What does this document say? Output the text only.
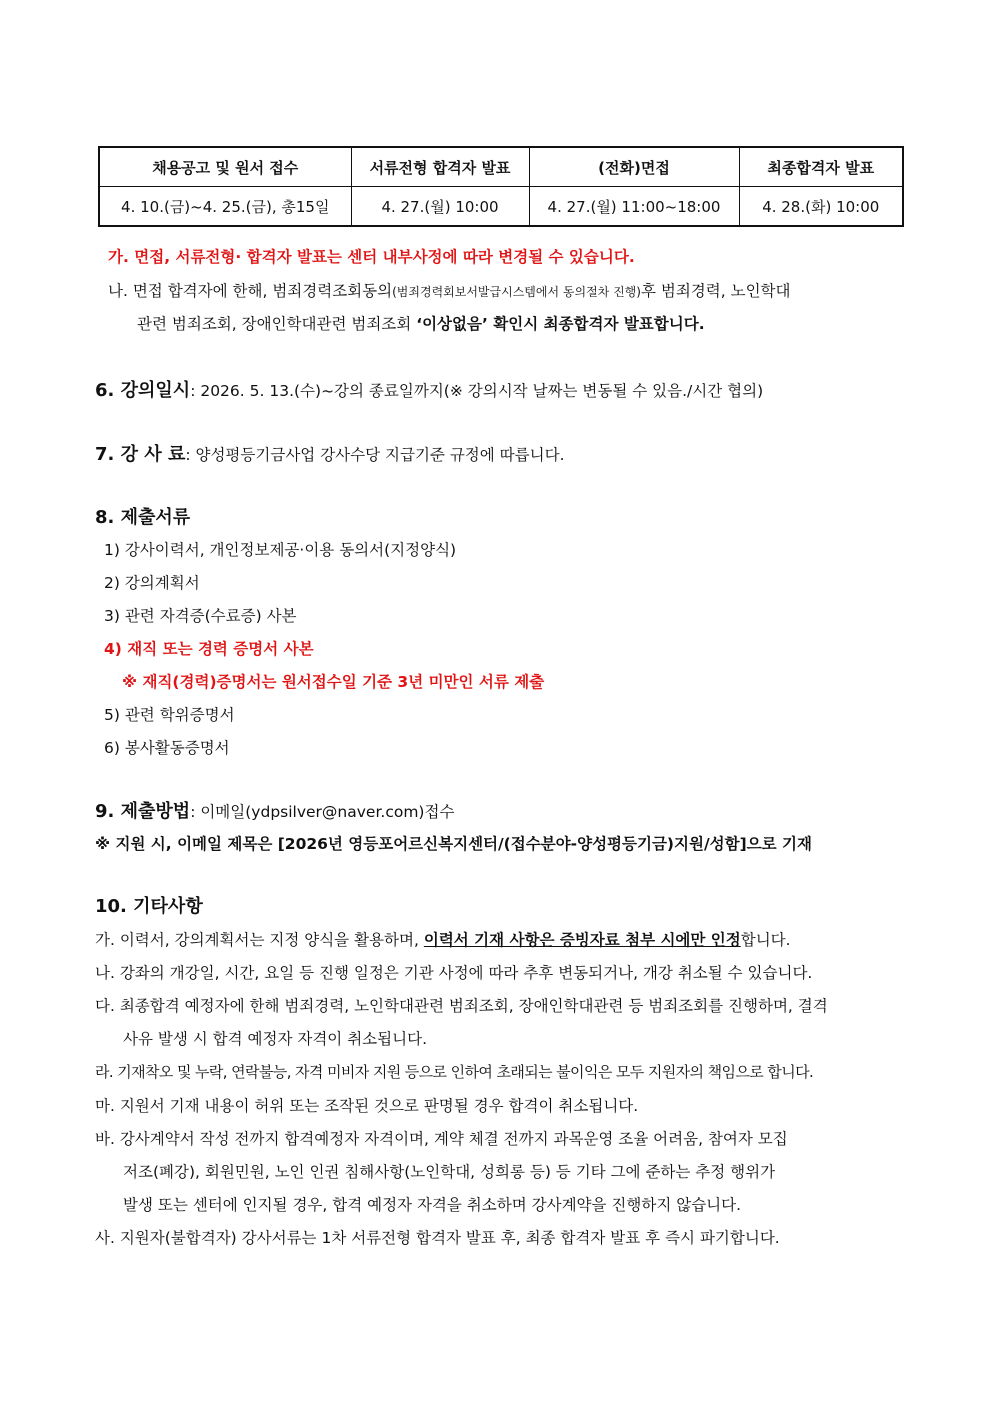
채용공고 및 원서 접수	서류전형 합격자 발표	(전화)면접	최종합격자 발표
4. 10.(금)~4. 25.(금), 총15일	4. 27.(월) 10:00	4. 27.(월) 11:00~18:00	4. 28.(화) 10:00
가. 면접, 서류전형· 합격자 발표는 센터 내부사정에 따라 변경될 수 있습니다.
나. 면접 합격자에 한해, 범죄경력조회동의(범죄경력회보서발급시스템에서 동의절차 진행)후 범죄경력, 노인학대
관련 범죄조회, 장애인학대관련 범죄조회 ‘이상없음’ 확인시 최종합격자 발표합니다.
6. 강의일시: 2026. 5. 13.(수)~강의 종료일까지(※ 강의시작 날짜는 변동될 수 있음./시간 협의)
7. 강 사 료: 양성평등기금사업 강사수당 지급기준 규정에 따릅니다.
8. 제출서류
1) 강사이력서, 개인정보제공·이용 동의서(지정양식)
2) 강의계획서
3) 관련 자격증(수료증) 사본
4) 재직 또는 경력 증명서 사본
※ 재직(경력)증명서는 원서접수일 기준 3년 미만인 서류 제출
5) 관련 학위증명서
6) 봉사활동증명서
9. 제출방법: 이메일(ydpsilver@naver.com)접수
※ 지원 시, 이메일 제목은 [2026년 영등포어르신복지센터/(접수분야-양성평등기금)지원/성함]으로 기재
10. 기타사항
가. 이력서, 강의계획서는 지정 양식을 활용하며, 이력서 기재 사항은 증빙자료 첨부 시에만 인정합니다.
나. 강좌의 개강일, 시간, 요일 등 진행 일정은 기관 사정에 따라 추후 변동되거나, 개강 취소될 수 있습니다.
다. 최종합격 예정자에 한해 범죄경력, 노인학대관련 범죄조회, 장애인학대관련 등 범죄조회를 진행하며, 결격
사유 발생 시 합격 예정자 자격이 취소됩니다.
라. 기재착오 및 누락, 연락불능, 자격 미비자 지원 등으로 인하여 초래되는 불이익은 모두 지원자의 책임으로 합니다.
마. 지원서 기재 내용이 허위 또는 조작된 것으로 판명될 경우 합격이 취소됩니다.
바. 강사계약서 작성 전까지 합격예정자 자격이며, 계약 체결 전까지 과목운영 조율 어려움, 참여자 모집
저조(폐강), 회원민원, 노인 인권 침해사항(노인학대, 성희롱 등) 등 기타 그에 준하는 추정 행위가
발생 또는 센터에 인지될 경우, 합격 예정자 자격을 취소하며 강사계약을 진행하지 않습니다.
사. 지원자(불합격자) 강사서류는 1차 서류전형 합격자 발표 후, 최종 합격자 발표 후 즉시 파기합니다.
